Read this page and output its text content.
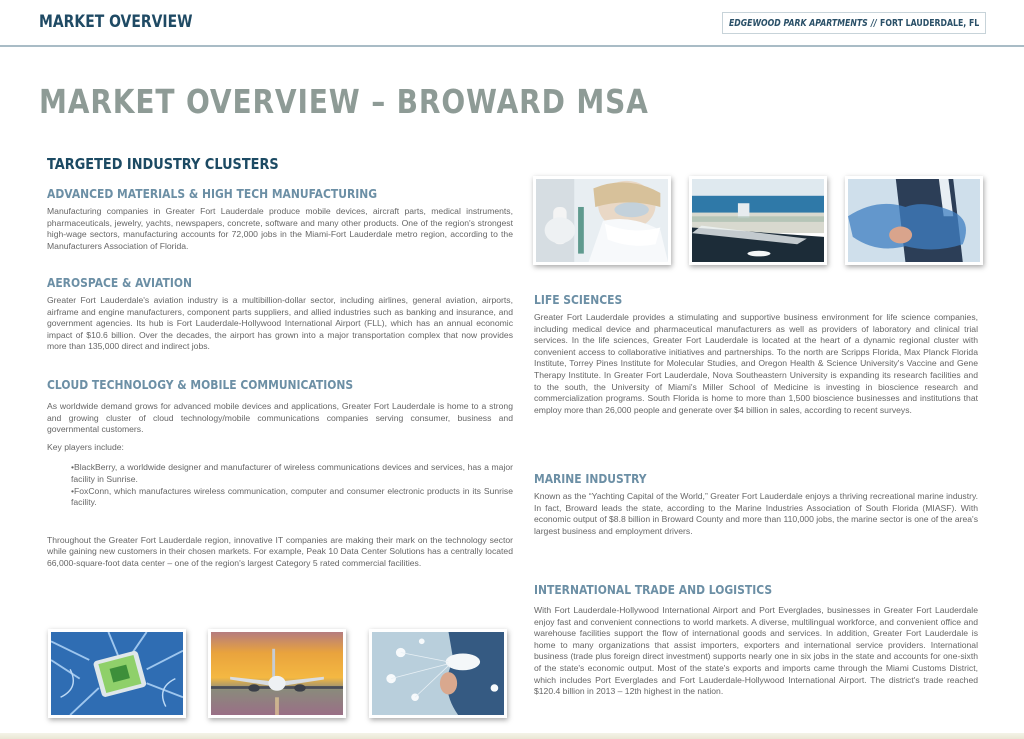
MARKET OVERVIEW	EDGEWOOD PARK APARTMENTS // FORT LAUDERDALE, FL
MARKET OVERVIEW – BROWARD MSA
TARGETED INDUSTRY CLUSTERS
ADVANCED MATERIALS & HIGH TECH MANUFACTURING

Manufacturing companies in Greater Fort Lauderdale produce mobile devices, aircraft parts, medical instruments, pharmaceuticals, jewelry, yachts, newspapers, concrete, software and many other products. One of the region's strongest high-wage sectors, manufacturing accounts for 72,000 jobs in the Miami-Fort Lauderdale metro region, according to the Manufacturers Association of Florida.

AEROSPACE & AVIATION

Greater Fort Lauderdale's aviation industry is a multibillion-dollar sector, including airlines, general aviation, airports, airframe and engine manufacturers, component parts suppliers, and allied industries such as banking and insurance, and government agencies. Its hub is Fort Lauderdale-Hollywood International Airport (FLL), which has an annual economic impact of $10.6 billion. Over the decades, the airport has grown into a major transportation complex that now provides more than 135,000 direct and indirect jobs.

CLOUD TECHNOLOGY & MOBILE COMMUNICATIONS

As worldwide demand grows for advanced mobile devices and applications, Greater Fort Lauderdale is home to a strong and growing cluster of cloud technology/mobile communications companies serving consumer, business and governmental customers.

Key players include:

• BlackBerry, a worldwide designer and manufacturer of wireless communications devices and services, has a major facility in Sunrise.
• FoxConn, which manufactures wireless communication, computer and consumer electronic products in its Sunrise facility.

Throughout the Greater Fort Lauderdale region, innovative IT companies are making their mark on the technology sector while gaining new customers in their chosen markets. For example, Peak 10 Data Center Solutions has a centrally located 66,000-square-foot data center – one of the region's largest Category 5 rated commercial facilities.

LIFE SCIENCES

Greater Fort Lauderdale provides a stimulating and supportive business environment for life science companies, including medical device and pharmaceutical manufacturers as well as providers of laboratory and clinical trial services. In the life sciences, Greater Fort Lauderdale is located at the heart of a dynamic regional cluster with convenient access to collaborative initiatives and partnerships. To the north are Scripps Florida, Max Planck Florida Institute, Torrey Pines Institute for Molecular Studies, and Oregon Health & Science University's Vaccine and Gene Therapy Institute. In Greater Fort Lauderdale, Nova Southeastern University is expanding its research facilities and to the south, the University of Miami's Miller School of Medicine is investing in bioscience research and commercialization programs. South Florida is home to more than 1,500 bioscience businesses and institutions that employ more than 26,000 people and generate over $4 billion in sales, according to recent surveys.

MARINE INDUSTRY

Known as the “Yachting Capital of the World,” Greater Fort Lauderdale enjoys a thriving recreational marine industry. In fact, Broward leads the state, according to the Marine Industries Association of South Florida (MIASF). With economic output of $8.8 billion in Broward County and more than 110,000 jobs, the marine sector is one of the area's largest business and employment drivers.

INTERNATIONAL TRADE AND LOGISTICS

With Fort Lauderdale-Hollywood International Airport and Port Everglades, businesses in Greater Fort Lauderdale enjoy fast and convenient connections to world markets. A diverse, multilingual workforce, and convenient office and warehouse facilities support the flow of international goods and services. In addition, Greater Fort Lauderdale is home to many organizations that assist importers, exporters and international service providers. International business (trade plus foreign direct investment) supports nearly one in six jobs in the state and accounts for one-sixth of the state's economic output. Most of the state's exports and imports came through the Miami Customs District, which includes Port Everglades and Fort Lauderdale-Hollywood International Airport. The district's trade reached $120.4 billion in 2013 – 12th highest in the nation.
